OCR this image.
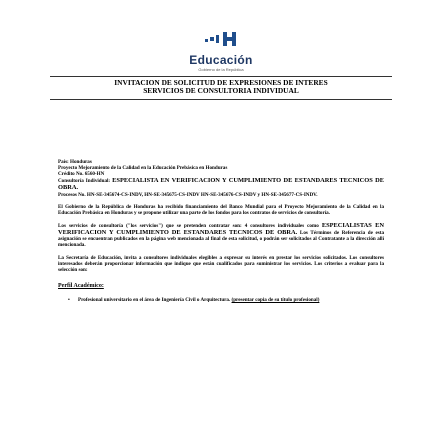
Educación
Gobierno de la República
INVITACION DE SOLICITUD DE EXPRESIONES DE INTERES
SERVICIOS DE CONSULTORIA INDIVIDUAL

País: Honduras
Proyecto Mejoramiento de la Calidad en la Educación Prebásica en Honduras
Crédito No. 6560-HN
Consultoría Individual: ESPECIALISTA EN VERIFICACION Y CUMPLIMIENTO DE ESTANDARES TECNICOS DE OBRA.
Procesos No. HN-SE-345674-CS-INDV, HN-SE-345675-CS-INDV HN-SE-345676-CS-INDV y HN-SE-345677-CS-INDV.

El Gobierno de la República de Honduras ha recibido financiamiento del Banco Mundial para el Proyecto Mejoramiento de la Calidad en la Educación Prebásica en Honduras y se propone utilizar una parte de los fondos para los contratos de servicios de consultoría.

Los servicios de consultoría ("los servicios") que se pretenden contratar son: 4 consultores individuales como ESPECIALISTAS EN VERIFICACION Y CUMPLIMIENTO DE ESTANDARES TECNICOS DE OBRA. Los Términos de Referencia de esta asignación se encuentran publicados en la página web mencionada al final de esta solicitud, o podrán ser solicitados al Contratante a la dirección allí mencionada.

La Secretaría de Educación, invita a consultores individuales elegibles a expresar su interés en prestar los servicios solicitados. Los consultores interesados deberán proporcionar información que indique que están cualificados para suministrar los servicios. Los criterios a evaluar para la selección son:

Perfil Académico:
•	Profesional universitario en el área de Ingeniería Civil o Arquitectura. (presentar copia de su título profesional)
